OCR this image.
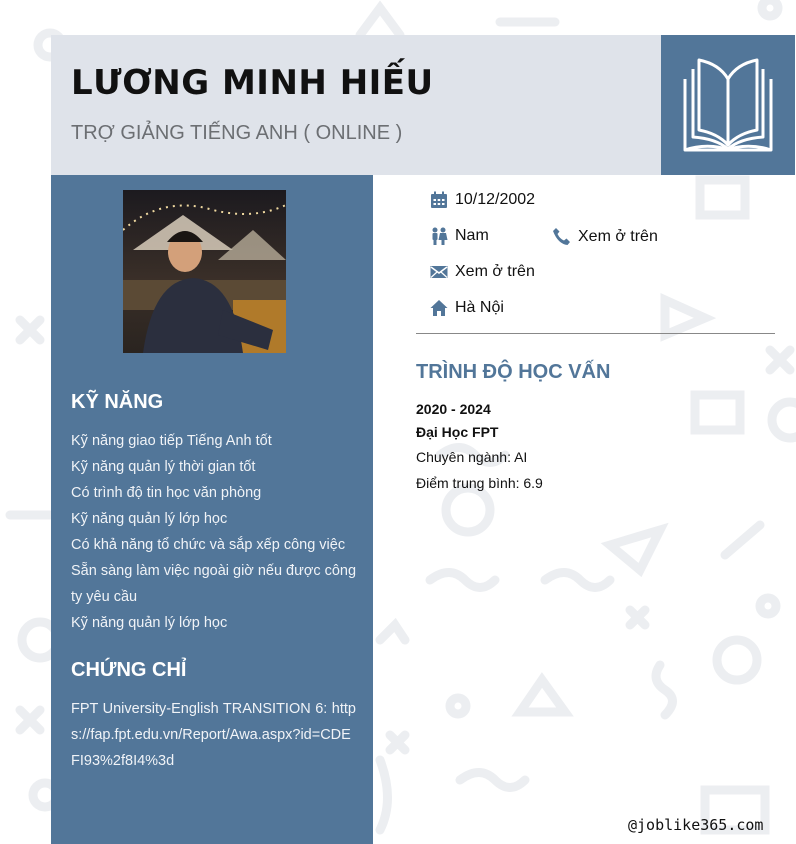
LƯƠNG MINH HIẾU
TRỢ GIẢNG TIẾNG ANH ( ONLINE )
KỸ NĂNG
Kỹ năng giao tiếp Tiếng Anh tốt
Kỹ năng quản lý thời gian tốt
Có trình độ tin học văn phòng
Kỹ năng quản lý lớp học
Có khả năng tổ chức và sắp xếp công việc
Sẵn sàng làm việc ngoài giờ nếu được công ty yêu cầu
Kỹ năng quản lý lớp học
CHỨNG CHỈ
FPT University-English TRANSITION 6: https://fap.fpt.edu.vn/Report/Awa.aspx?id=CDEFI93%2f8I4%3d
10/12/2002
Nam	Xem ở trên
Xem ở trên
Hà Nội
TRÌNH ĐỘ HỌC VẤN
2020 - 2024
Đại Học FPT
Chuyên ngành: AI
Điểm trung bình: 6.9
@joblike365.com
